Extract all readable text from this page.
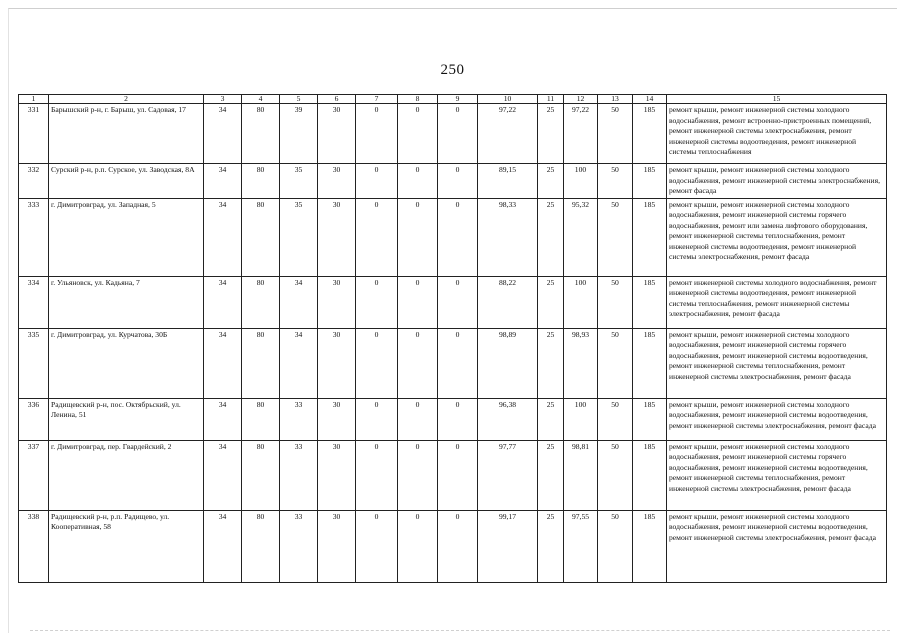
250
1	2	3	4	5	6	7	8	9	10	11	12	13	14	15
331	Барышский р-н, г. Барыш, ул. Садовая, 17	34	80	39	30	0	0	0	97,22	25	97,22	50	185	ремонт крыши, ремонт инженерной системы холодного водоснабжения, ремонт встроенно-пристроенных помещений, ремонт инженерной системы электроснабжения, ремонт инженерной системы водоотведения, ремонт инженерной системы теплоснабжения
332	Сурский р-н, р.п. Сурское, ул. Заводская, 8А	34	80	35	30	0	0	0	89,15	25	100	50	185	ремонт крыши, ремонт инженерной системы холодного водоснабжения, ремонт инженерной системы электроснабжения, ремонт фасада
333	г. Димитровград, ул. Западная, 5	34	80	35	30	0	0	0	98,33	25	95,32	50	185	ремонт крыши, ремонт инженерной системы холодного водоснабжения, ремонт инженерной системы горячего водоснабжения, ремонт или замена лифтового оборудования, ремонт инженерной системы теплоснабжения, ремонт инженерной системы водоотведения, ремонт инженерной системы электроснабжения, ремонт фасада
334	г. Ульяновск, ул. Кадьяна, 7	34	80	34	30	0	0	0	88,22	25	100	50	185	ремонт инженерной системы холодного водоснабжения, ремонт инженерной системы водоотведения, ремонт инженерной системы теплоснабжения, ремонт инженерной системы электроснабжения, ремонт фасада
335	г. Димитровград, ул. Курчатова, 30Б	34	80	34	30	0	0	0	98,89	25	98,93	50	185	ремонт крыши, ремонт инженерной системы холодного водоснабжения, ремонт инженерной системы горячего водоснабжения, ремонт инженерной системы водоотведения, ремонт инженерной системы теплоснабжения, ремонт инженерной системы электроснабжения, ремонт фасада
336	Радищевский р-н, пос. Октябрьский, ул. Ленина, 51	34	80	33	30	0	0	0	96,38	25	100	50	185	ремонт крыши, ремонт инженерной системы холодного водоснабжения, ремонт инженерной системы водоотведения, ремонт инженерной системы электроснабжения, ремонт фасада
337	г. Димитровград, пер. Гвардейский, 2	34	80	33	30	0	0	0	97,77	25	98,81	50	185	ремонт крыши, ремонт инженерной системы холодного водоснабжения, ремонт инженерной системы горячего водоснабжения, ремонт инженерной системы водоотведения, ремонт инженерной системы теплоснабжения, ремонт инженерной системы электроснабжения, ремонт фасада
338	Радищевский р-н, р.п. Радищево, ул. Кооперативная, 58	34	80	33	30	0	0	0	99,17	25	97,55	50	185	ремонт крыши, ремонт инженерной системы холодного водоснабжения, ремонт инженерной системы водоотведения, ремонт инженерной системы электроснабжения, ремонт фасада
